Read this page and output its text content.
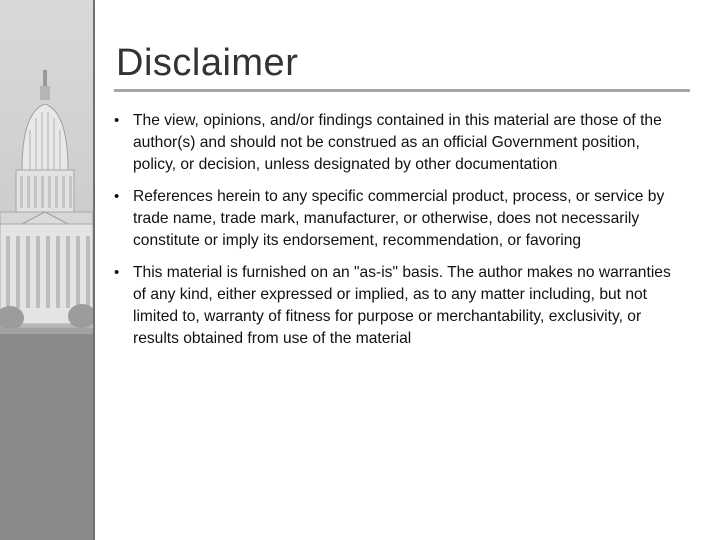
Disclaimer
• The view, opinions, and/or findings contained in this material are those of the author(s) and should not be construed as an official Government position, policy, or decision, unless designated by other documentation
• References herein to any specific commercial product, process, or service by trade name, trade mark, manufacturer, or otherwise, does not necessarily constitute or imply its endorsement, recommendation, or favoring
• This material is furnished on an "as-is" basis. The author makes no warranties of any kind, either expressed or implied, as to any matter including, but not limited to, warranty of fitness for purpose or merchantability, exclusivity, or results obtained from use of the material
